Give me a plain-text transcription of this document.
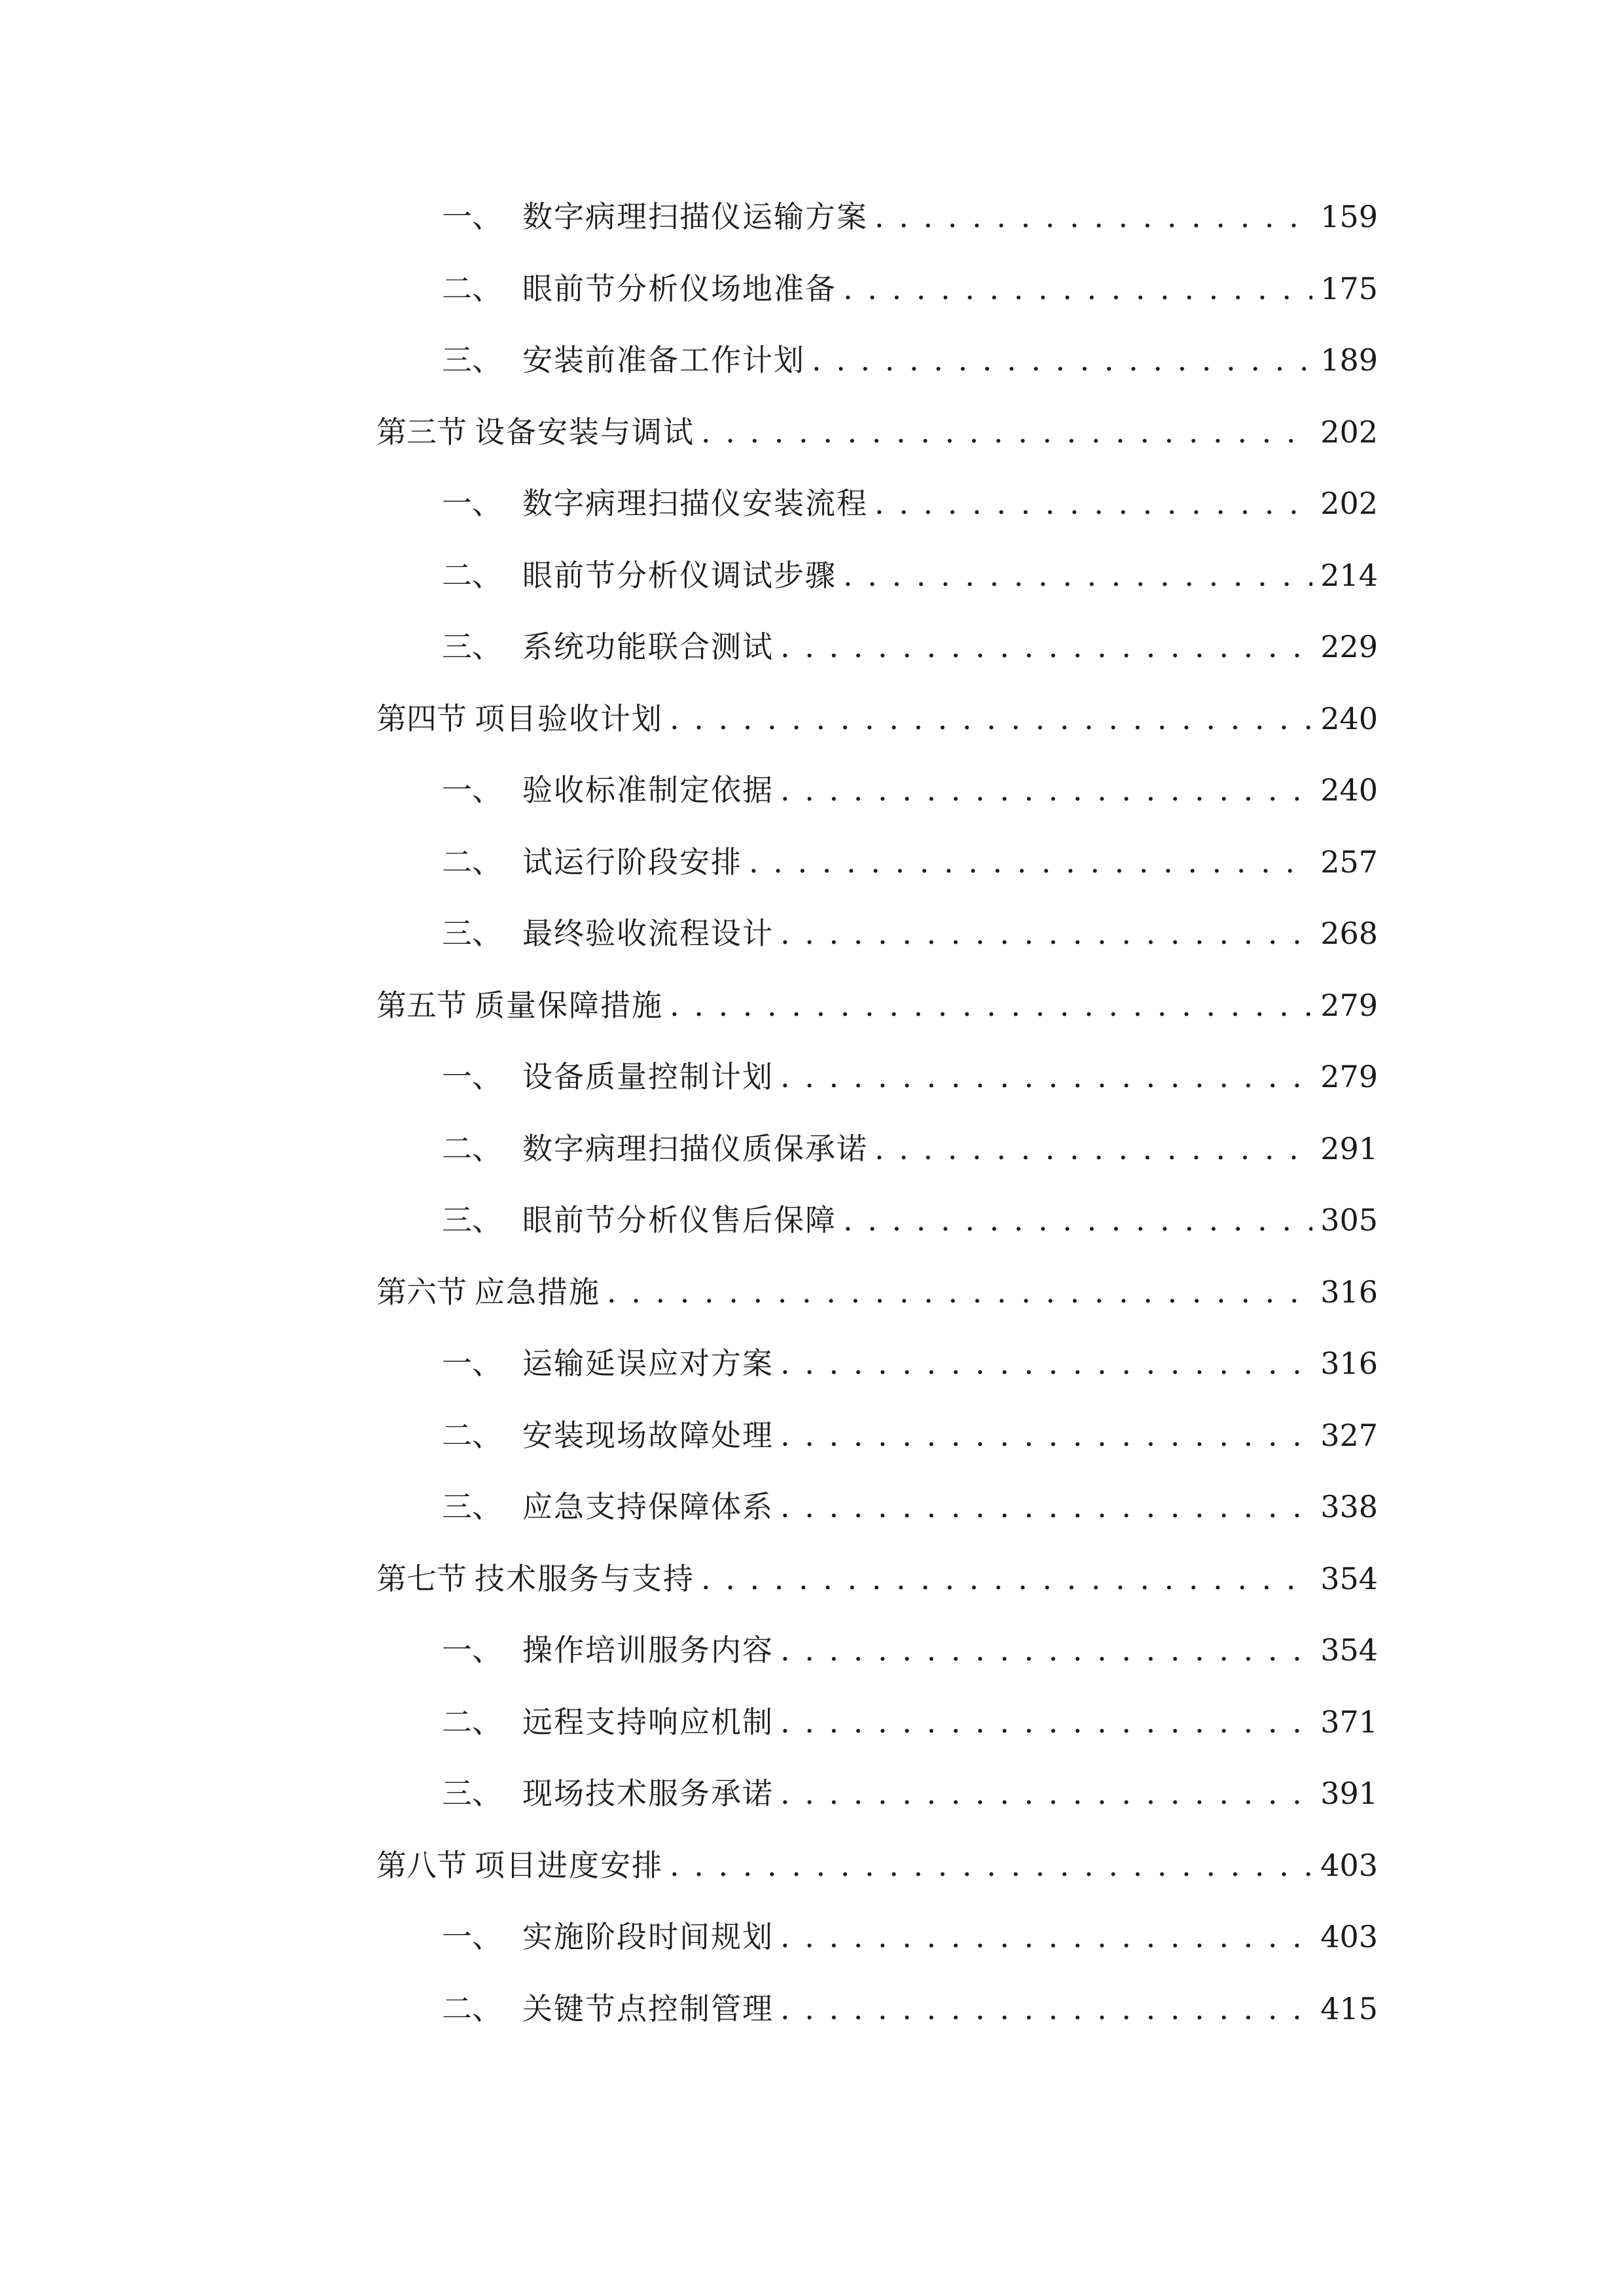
一、 数字病理扫描仪运输方案 . . .	159
二、 眼前节分析仪场地准备 . . .	175
三、 安装前准备工作计划 . . .	189
第三节 设备安装与调试 . . .	202
一、 数字病理扫描仪安装流程 . . .	202
二、 眼前节分析仪调试步骤 . . .	214
三、 系统功能联合测试 . . .	229
第四节 项目验收计划 . . .	240
一、 验收标准制定依据 . . .	240
二、 试运行阶段安排 . . .	257
三、 最终验收流程设计 . . .	268
第五节 质量保障措施 . . .	279
一、 设备质量控制计划 . . .	279
二、 数字病理扫描仪质保承诺 . . .	291
三、 眼前节分析仪售后保障 . . .	305
第六节 应急措施 . . .	316
一、 运输延误应对方案 . . .	316
二、 安装现场故障处理 . . .	327
三、 应急支持保障体系 . . .	338
第七节 技术服务与支持 . . .	354
一、 操作培训服务内容 . . .	354
二、 远程支持响应机制 . . .	371
三、 现场技术服务承诺 . . .	391
第八节 项目进度安排 . . .	403
一、 实施阶段时间规划 . . .	403
二、 关键节点控制管理 . . .	415
